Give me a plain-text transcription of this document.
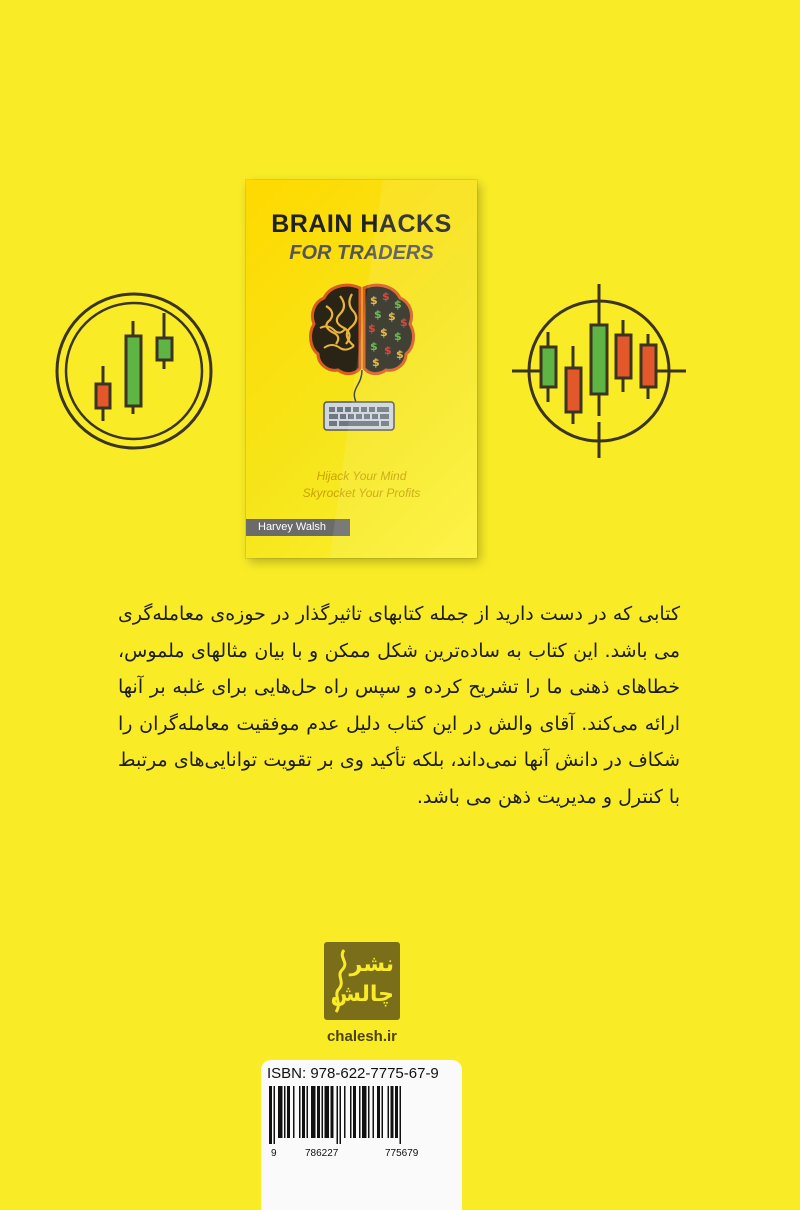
BRAIN HACKS
FOR TRADERS
$ $
$
$ $ $
$ $ $
$ $ $
$
Hijack Your Mind
Skyrocket Your Profits
Harvey Walsh
کتابی که در دست دارید از جمله کتابهای تاثیرگذار در حوزه‌ی معامله‌گری می باشد. این کتاب به ساده‌ترین شکل ممکن و با بیان مثالهای ملموس، خطاهای ذهنی ما را تشریح کرده و سپس راه حل‌هایی برای غلبه بر آنها ارائه می‌کند. آقای والش در این کتاب دلیل عدم موفقیت معامله‌گران را شکاف در دانش آنها نمی‌داند، بلکه تأکید وی بر تقویت توانایی‌های مرتبط با کنترل و مدیریت ذهن می باشد.
نشر
چالش
chalesh.ir
ISBN: 978-622-7775-67-9
9	786227	775679
